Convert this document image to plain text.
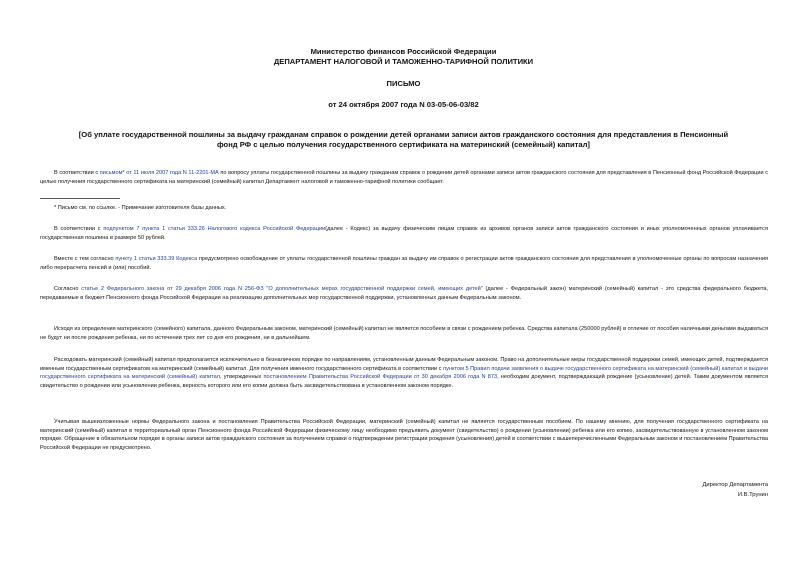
Министерство финансов Российской Федерации
ДЕПАРТАМЕНТ НАЛОГОВОЙ И ТАМОЖЕННО-ТАРИФНОЙ ПОЛИТИКИ
ПИСЬМО
от 24 октября 2007 года N 03-05-06-03/82
[Об уплате государственной пошлины за выдачу гражданам справок о рождении детей органами записи актов гражданского состояния для представления в Пенсионный фонд РФ с целью получения государственного сертификата на материнский (семейный) капитал]
В соответствии с письмом* от 11 июля 2007 года N 11-2201-МА по вопросу уплаты государственной пошлины за выдачу гражданам справок о рождении детей органами записи актов гражданского состояния для представления в Пенсионный фонд Российской Федерации с целью получения государственного сертификата на материнский (семейный) капитал Департамент налоговой и таможенно-тарифной политики сообщает.
* Письмо см. по ссылке. - Примечание изготовителя базы данных.
В соответствии с подпунктом 7 пункта 1 статьи 333.26 Налогового кодекса Российской Федерации(далее - Кодекс) за выдачу физическим лицам справок из архивов органов записи актов гражданского состояния и иных уполномоченных органов уплачивается государственная пошлина в размере 50 рублей.
Вместе с тем согласно пункту 1 статьи 333.39 Кодекса предусмотрено освобождение от уплаты государственной пошлины граждан за выдачу им справок о регистрации актов гражданского состояния для представления в уполномоченные органы по вопросам назначения либо перерасчета пенсий и (или) пособий.
Согласно статье 2 Федерального закона от 29 декабря 2006 года N 256-ФЗ "О дополнительных мерах государственной поддержки семей, имеющих детей" (далее - Федеральный закон) материнский (семейный) капитал - это средства федерального бюджета, передаваемые в бюджет Пенсионного фонда Российской Федерации на реализацию дополнительных мер государственной поддержки, установленных данным Федеральным законом.
Исходя из определения материнского (семейного) капитала, данного Федеральным законом, материнский (семейный) капитал не является пособием в связи с рождением ребенка. Средства капитала (250000 рублей) в отличие от пособия наличными деньгами выдаваться не будут ни после рождения ребенка, ни по истечении трех лет со дня его рождения, ни в дальнейшем.
Расходовать материнский (семейный) капитал предполагается исключительно в безналичном порядке по направлениям, установленным данным Федеральным законом. Право на дополнительные меры государственной поддержки семей, имеющих детей, подтверждается именным государственным сертификатом на материнский (семейный) капитал. Для получения именного государственного сертификата в соответствии с пунктом 5 Правил подачи заявления о выдаче государственного сертификата на материнский (семейный) капитал и выдачи государственного сертификата на материнский (семейный) капитал, утвержденных постановлением Правительства Российской Федерации от 30 декабря 2006 года N 873, необходим документ, подтверждающий рождение (усыновление) детей. Таким документом является свидетельство о рождении или усыновлении ребенка, верность которого или его копии должна быть засвидетельствована в установленном законом порядке.
Учитывая вышеизложенные нормы Федерального закона и постановления Правительства Российской Федерации, материнский (семейный) капитал не является государственным пособием. По нашему мнению, для получения государственного сертификата на материнский (семейный) капитал в территориальный орган Пенсионного фонда Российской Федерации физическому лицу необходимо предъявить документ (свидетельство) о рождении (усыновлении) ребенка или его копию, засвидетельствованную в установленном законом порядке. Обращение в обязательном порядке в органы записи актов гражданского состояния за получением справки о подтверждении регистрации рождения (усыновления) детей в соответствии с вышеперечисленными Федеральным законом и постановлением Правительства Российской Федерации не предусмотрено.
Директор Департамента
И.В.Трунин
